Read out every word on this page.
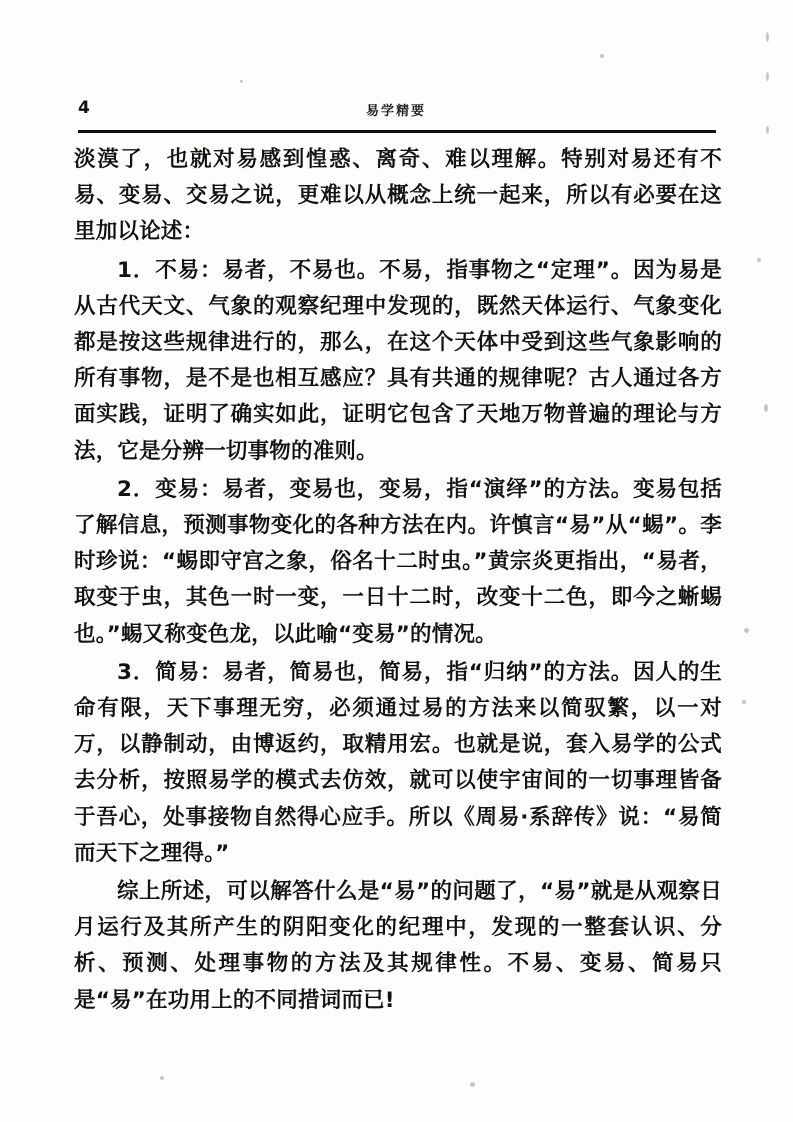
4	易学精要

淡漠了，也就对易感到惶惑、离奇、难以理解。特别对易还有不易、变易、交易之说，更难以从概念上统一起来，所以有必要在这里加以论述：

1．不易：易者，不易也。不易，指事物之“定理”。因为易是从古代天文、气象的观察纪理中发现的，既然天体运行、气象变化都是按这些规律进行的，那么，在这个天体中受到这些气象影响的所有事物，是不是也相互感应？具有共通的规律呢？古人通过各方面实践，证明了确实如此，证明它包含了天地万物普遍的理论与方法，它是分辨一切事物的准则。

2．变易：易者，变易也，变易，指“演绎”的方法。变易包括了解信息，预测事物变化的各种方法在内。许慎言“易”从“蜴”。李时珍说：“蜴即守宫之象，俗名十二时虫。”黄宗炎更指出，“易者，取变于虫，其色一时一变，一日十二时，改变十二色，即今之蜥蜴也。”蜴又称变色龙，以此喻“变易”的情况。

3．简易：易者，简易也，简易，指“归纳”的方法。因人的生命有限，天下事理无穷，必须通过易的方法来以简驭繁，以一对万，以静制动，由博返约，取精用宏。也就是说，套入易学的公式去分析，按照易学的模式去仿效，就可以使宇宙间的一切事理皆备于吾心，处事接物自然得心应手。所以《周易·系辞传》说：“易简而天下之理得。”

综上所述，可以解答什么是“易”的问题了，“易”就是从观察日月运行及其所产生的阴阳变化的纪理中，发现的一整套认识、分析、预测、处理事物的方法及其规律性。不易、变易、简易只是“易”在功用上的不同措词而已!
